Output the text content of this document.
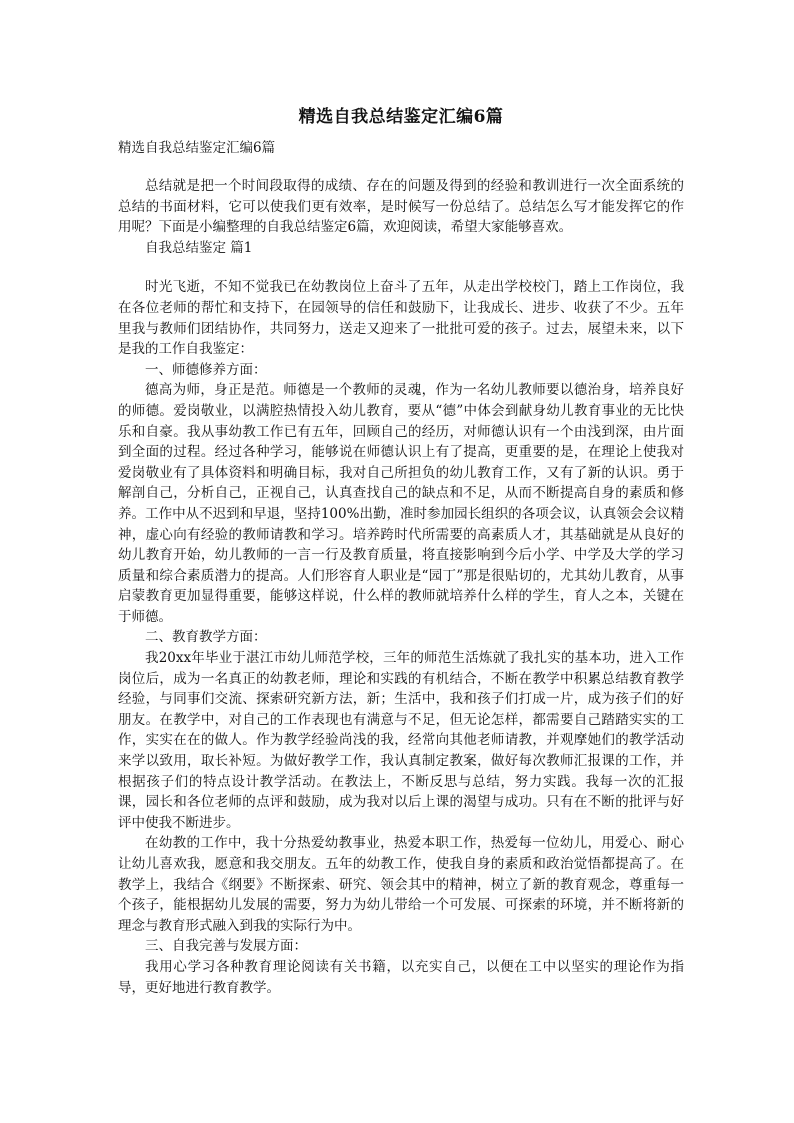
精选自我总结鉴定汇编6篇
精选自我总结鉴定汇编6篇

总结就是把一个时间段取得的成绩、存在的问题及得到的经验和教训进行一次全面系统的总结的书面材料，它可以使我们更有效率，是时候写一份总结了。总结怎么写才能发挥它的作用呢？下面是小编整理的自我总结鉴定6篇，欢迎阅读，希望大家能够喜欢。

自我总结鉴定 篇1

时光飞逝，不知不觉我已在幼教岗位上奋斗了五年，从走出学校校门，踏上工作岗位，我在各位老师的帮忙和支持下，在园领导的信任和鼓励下，让我成长、进步、收获了不少。五年里我与教师们团结协作，共同努力，送走又迎来了一批批可爱的孩子。过去，展望未来，以下是我的工作自我鉴定：

一、师德修养方面：

德高为师，身正是范。师德是一个教师的灵魂，作为一名幼儿教师要以德治身，培养良好的师德。爱岗敬业，以满腔热情投入幼儿教育，要从“德”中体会到献身幼儿教育事业的无比快乐和自豪。我从事幼教工作已有五年，回顾自己的经历，对师德认识有一个由浅到深，由片面到全面的过程。经过各种学习，能够说在师德认识上有了提高，更重要的是，在理论上使我对爱岗敬业有了具体资料和明确目标，我对自己所担负的幼儿教育工作，又有了新的认识。勇于解剖自己，分析自己，正视自己，认真查找自己的缺点和不足，从而不断提高自身的素质和修养。工作中从不迟到和早退，坚持100%出勤，准时参加园长组织的各项会议，认真领会会议精神，虚心向有经验的教师请教和学习。培养跨时代所需要的高素质人才，其基础就是从良好的幼儿教育开始，幼儿教师的一言一行及教育质量，将直接影响到今后小学、中学及大学的学习质量和综合素质潜力的提高。人们形容育人职业是“园丁”那是很贴切的，尤其幼儿教育，从事启蒙教育更加显得重要，能够这样说，什么样的教师就培养什么样的学生，育人之本，关键在于师德。

二、教育教学方面：

我20xx年毕业于湛江市幼儿师范学校，三年的师范生活炼就了我扎实的基本功，进入工作岗位后，成为一名真正的幼教老师，理论和实践的有机结合，不断在教学中积累总结教育教学经验，与同事们交流、探索研究新方法，新；生活中，我和孩子们打成一片，成为孩子们的好朋友。在教学中，对自己的工作表现也有满意与不足，但无论怎样，都需要自己踏踏实实的工作，实实在在的做人。作为教学经验尚浅的我，经常向其他老师请教，并观摩她们的教学活动来学以致用，取长补短。为做好教学工作，我认真制定教案，做好每次教师汇报课的工作，并根据孩子们的特点设计教学活动。在教法上，不断反思与总结，努力实践。我每一次的汇报课，园长和各位老师的点评和鼓励，成为我对以后上课的渴望与成功。只有在不断的批评与好评中使我不断进步。

在幼教的工作中，我十分热爱幼教事业，热爱本职工作，热爱每一位幼儿，用爱心、耐心让幼儿喜欢我，愿意和我交朋友。五年的幼教工作，使我自身的素质和政治觉悟都提高了。在教学上，我结合《纲要》不断探索、研究、领会其中的精神，树立了新的教育观念，尊重每一个孩子，能根据幼儿发展的需要，努力为幼儿带给一个可发展、可探索的环境，并不断将新的理念与教育形式融入到我的实际行为中。

三、自我完善与发展方面：

我用心学习各种教育理论阅读有关书籍，以充实自己，以便在工中以坚实的理论作为指导，更好地进行教育教学。
